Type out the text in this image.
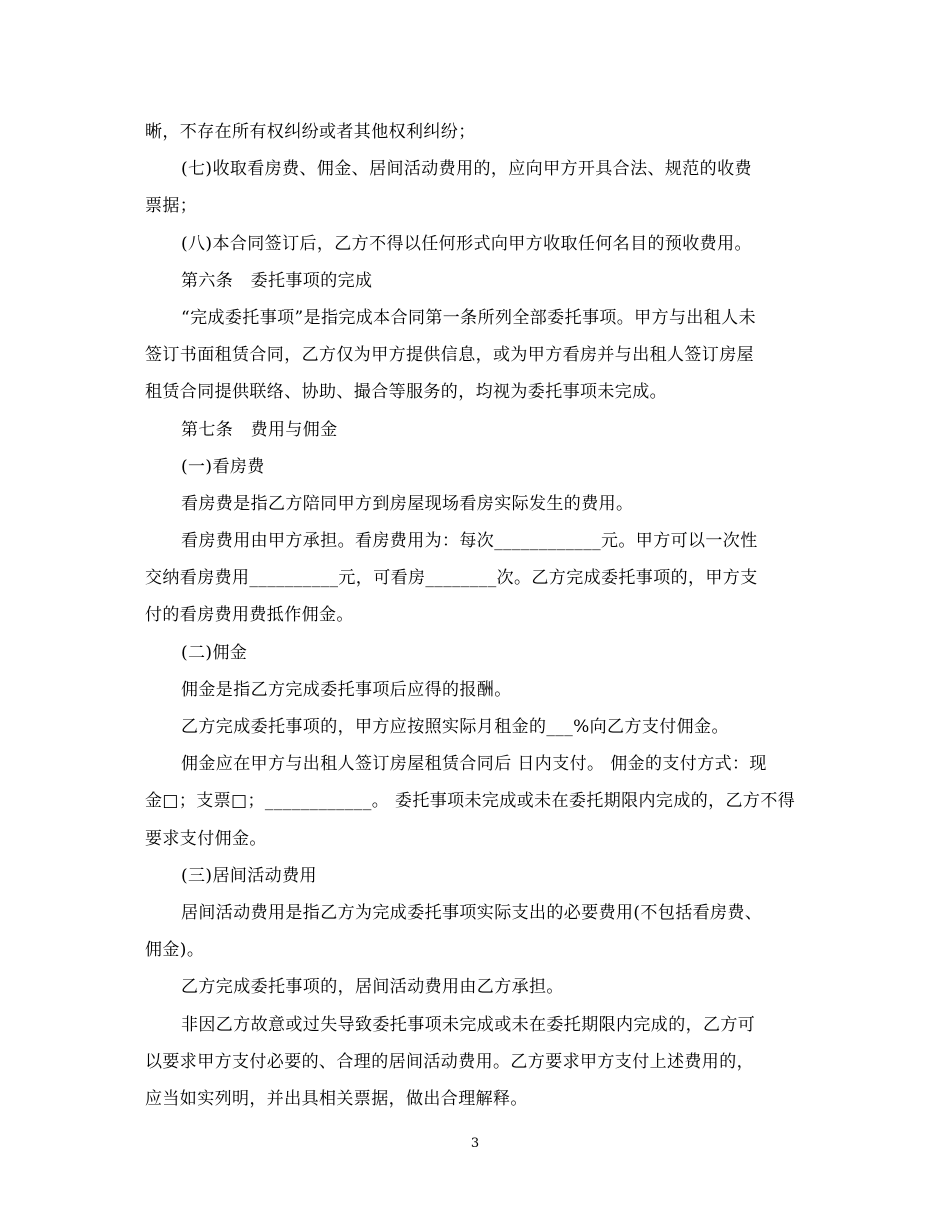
晰，不存在所有权纠纷或者其他权利纠纷；
(七)收取看房费、佣金、居间活动费用的，应向甲方开具合法、规范的收费
票据；
(八)本合同签订后，乙方不得以任何形式向甲方收取任何名目的预收费用。
第六条　委托事项的完成
“完成委托事项”是指完成本合同第一条所列全部委托事项。甲方与出租人未
签订书面租赁合同，乙方仅为甲方提供信息，或为甲方看房并与出租人签订房屋
租赁合同提供联络、协助、撮合等服务的，均视为委托事项未完成。
第七条　费用与佣金
(一)看房费
看房费是指乙方陪同甲方到房屋现场看房实际发生的费用。
看房费用由甲方承担。看房费用为：每次____________元。甲方可以一次性
交纳看房费用__________元，可看房________次。乙方完成委托事项的，甲方支
付的看房费用费抵作佣金。
(二)佣金
佣金是指乙方完成委托事项后应得的报酬。
乙方完成委托事项的，甲方应按照实际月租金的___%向乙方支付佣金。
佣金应在甲方与出租人签订房屋租赁合同后 日内支付。 佣金的支付方式：现
金□；支票□；____________。 委托事项未完成或未在委托期限内完成的，乙方不得
要求支付佣金。
(三)居间活动费用
居间活动费用是指乙方为完成委托事项实际支出的必要费用(不包括看房费、
佣金)。
乙方完成委托事项的，居间活动费用由乙方承担。
非因乙方故意或过失导致委托事项未完成或未在委托期限内完成的，乙方可
以要求甲方支付必要的、合理的居间活动费用。乙方要求甲方支付上述费用的，
应当如实列明，并出具相关票据，做出合理解释。
3
